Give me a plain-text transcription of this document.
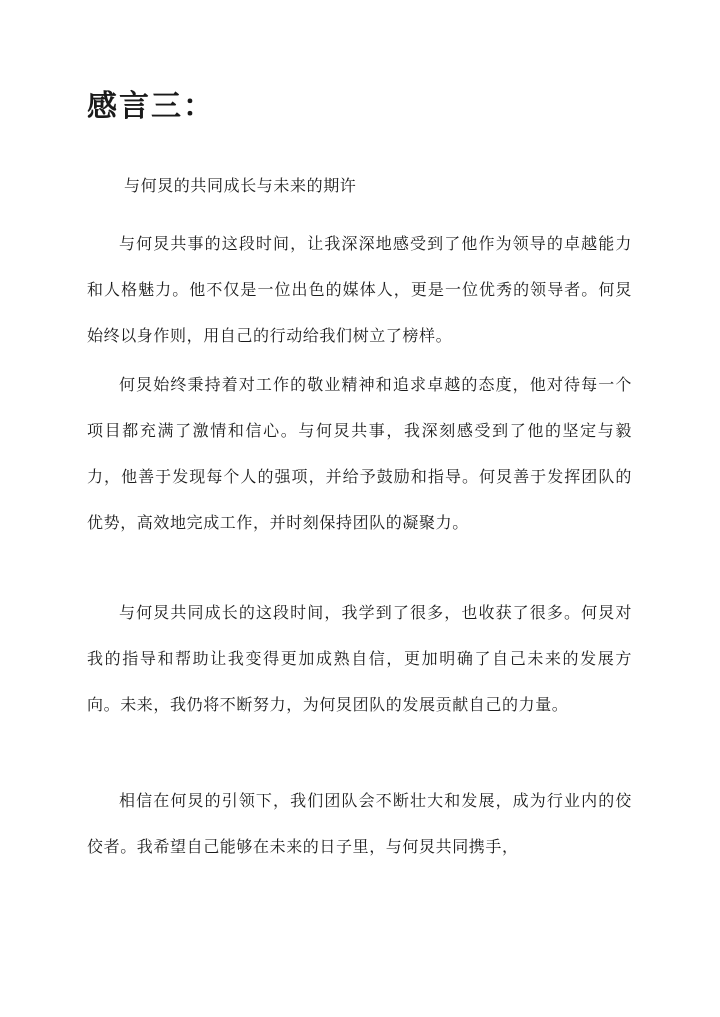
感言三：

与何炅的共同成长与未来的期许

与何炅共事的这段时间，让我深深地感受到了他作为领导的卓越能力和人格魅力。他不仅是一位出色的媒体人，更是一位优秀的领导者。何炅始终以身作则，用自己的行动给我们树立了榜样。

何炅始终秉持着对工作的敬业精神和追求卓越的态度，他对待每一个项目都充满了激情和信心。与何炅共事，我深刻感受到了他的坚定与毅力，他善于发现每个人的强项，并给予鼓励和指导。何炅善于发挥团队的优势，高效地完成工作，并时刻保持团队的凝聚力。

与何炅共同成长的这段时间，我学到了很多，也收获了很多。何炅对我的指导和帮助让我变得更加成熟自信，更加明确了自己未来的发展方向。未来，我仍将不断努力，为何炅团队的发展贡献自己的力量。

相信在何炅的引领下，我们团队会不断壮大和发展，成为行业内的佼佼者。我希望自己能够在未来的日子里，与何炅共同携手，
